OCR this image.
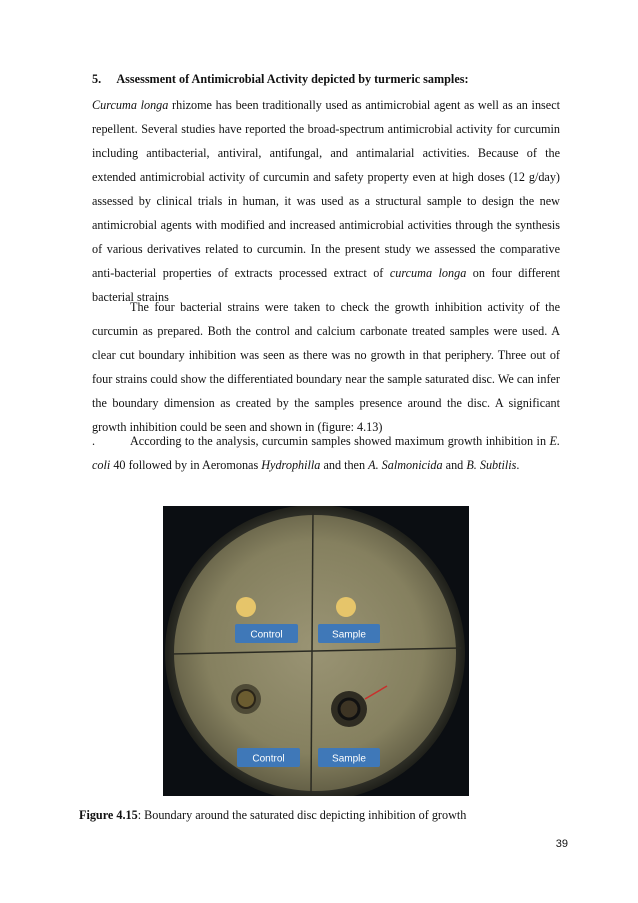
5. Assessment of Antimicrobial Activity depicted by turmeric samples:
Curcuma longa rhizome has been traditionally used as antimicrobial agent as well as an insect repellent. Several studies have reported the broad-spectrum antimicrobial activity for curcumin including antibacterial, antiviral, antifungal, and antimalarial activities. Because of the extended antimicrobial activity of curcumin and safety property even at high doses (12 g/day) assessed by clinical trials in human, it was used as a structural sample to design the new antimicrobial agents with modified and increased antimicrobial activities through the synthesis of various derivatives related to curcumin. In the present study we assessed the comparative anti-bacterial properties of extracts processed extract of curcuma longa on four different bacterial strains
The four bacterial strains were taken to check the growth inhibition activity of the curcumin as prepared. Both the control and calcium carbonate treated samples were used. A clear cut boundary inhibition was seen as there was no growth in that periphery. Three out of four strains could show the differentiated boundary near the sample saturated disc. We can infer the boundary dimension as created by the samples presence around the disc. A significant growth inhibition could be seen and shown in (figure: 4.13)
.	According to the analysis, curcumin samples showed maximum growth inhibition in E. coli 40 followed by in Aeromonas Hydrophilla and then A. Salmonicida and B. Subtilis.
Control	Sample
Control	Sample
Figure 4.15: Boundary around the saturated disc depicting inhibition of growth
39
